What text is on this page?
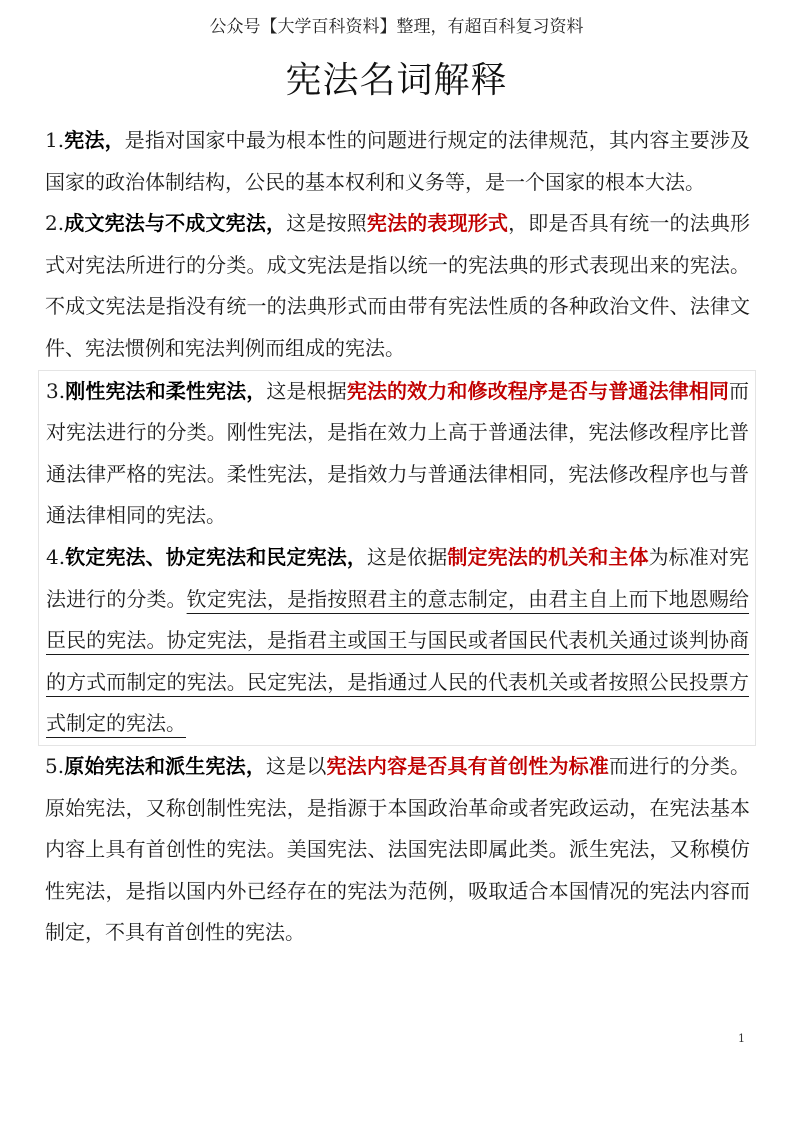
公众号【大学百科资料】整理，有超百科复习资料
宪法名词解释

1.宪法，是指对国家中最为根本性的问题进行规定的法律规范，其内容主要涉及国家的政治体制结构，公民的基本权利和义务等，是一个国家的根本大法。

2.成文宪法与不成文宪法，这是按照宪法的表现形式，即是否具有统一的法典形式对宪法所进行的分类。成文宪法是指以统一的宪法典的形式表现出来的宪法。不成文宪法是指没有统一的法典形式而由带有宪法性质的各种政治文件、法律文件、宪法惯例和宪法判例而组成的宪法。

3.刚性宪法和柔性宪法，这是根据宪法的效力和修改程序是否与普通法律相同而对宪法进行的分类。刚性宪法，是指在效力上高于普通法律，宪法修改程序比普通法律严格的宪法。柔性宪法，是指效力与普通法律相同，宪法修改程序也与普通法律相同的宪法。

4.钦定宪法、协定宪法和民定宪法，这是依据制定宪法的机关和主体为标准对宪法进行的分类。钦定宪法，是指按照君主的意志制定，由君主自上而下地恩赐给臣民的宪法。协定宪法，是指君主或国王与国民或者国民代表机关通过谈判协商的方式而制定的宪法。民定宪法，是指通过人民的代表机关或者按照公民投票方式制定的宪法。

5.原始宪法和派生宪法，这是以宪法内容是否具有首创性为标准而进行的分类。原始宪法，又称创制性宪法，是指源于本国政治革命或者宪政运动，在宪法基本内容上具有首创性的宪法。美国宪法、法国宪法即属此类。派生宪法，又称模仿性宪法，是指以国内外已经存在的宪法为范例，吸取适合本国情况的宪法内容而制定，不具有首创性的宪法。

1
